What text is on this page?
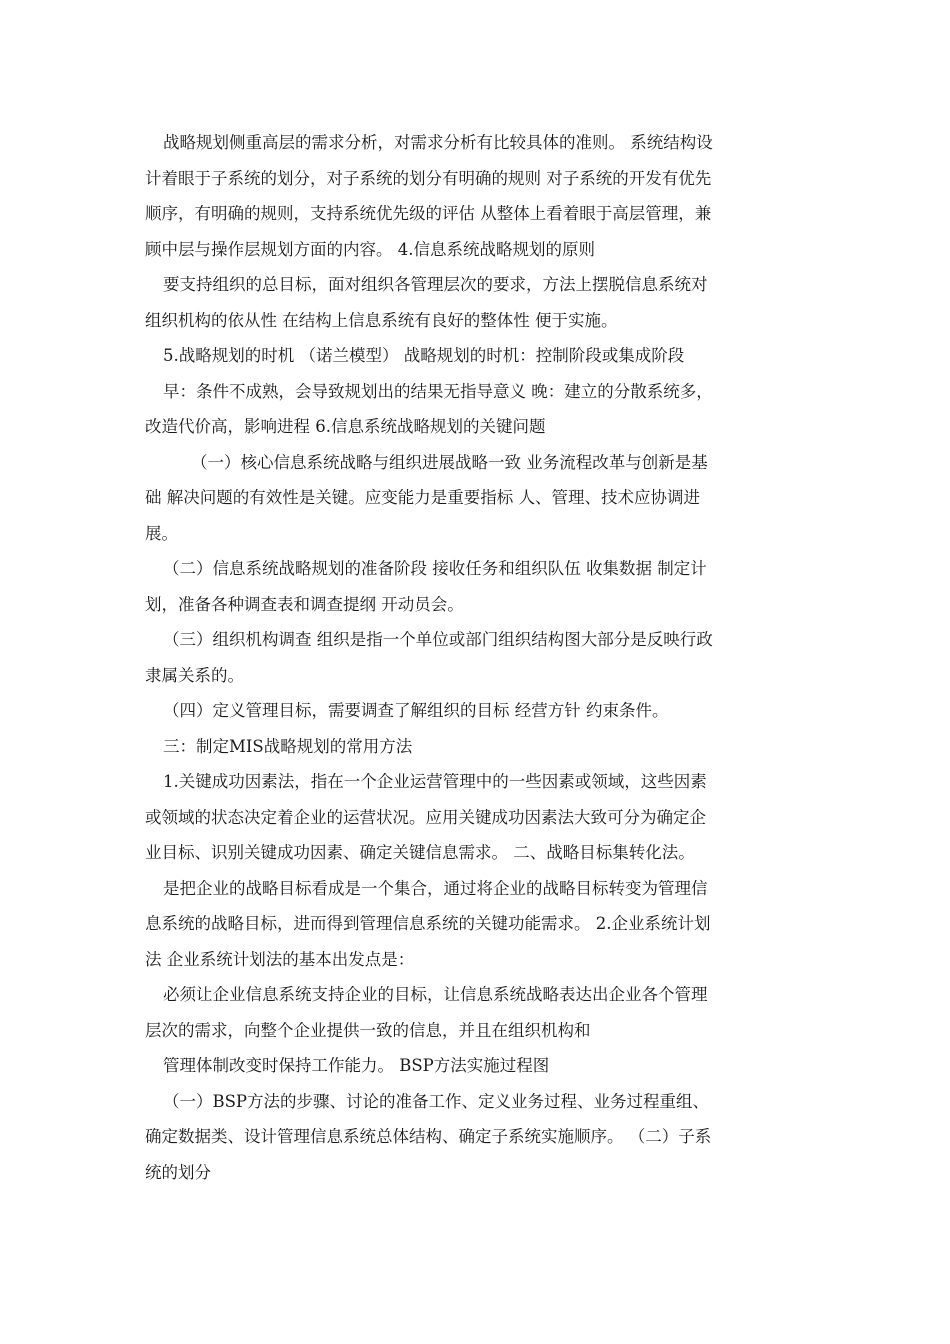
战略规划侧重高层的需求分析，对需求分析有比较具体的准则。 系统结构设
计着眼于子系统的划分，对子系统的划分有明确的规则 对子系统的开发有优先
顺序，有明确的规则，支持系统优先级的评估 从整体上看着眼于高层管理，兼
顾中层与操作层规划方面的内容。 4.信息系统战略规划的原则
要支持组织的总目标，面对组织各管理层次的要求，方法上摆脱信息系统对
组织机构的依从性 在结构上信息系统有良好的整体性 便于实施。
5.战略规划的时机 （诺兰模型） 战略规划的时机：控制阶段或集成阶段
早：条件不成熟，会导致规划出的结果无指导意义 晚：建立的分散系统多，
改造代价高，影响进程 6.信息系统战略规划的关键问题
（一）核心信息系统战略与组织进展战略一致 业务流程改革与创新是基
础 解决问题的有效性是关键。应变能力是重要指标 人、管理、技术应协调进
展。
（二）信息系统战略规划的准备阶段 接收任务和组织队伍 收集数据 制定计
划，准备各种调查表和调查提纲 开动员会。
（三）组织机构调查 组织是指一个单位或部门组织结构图大部分是反映行政
隶属关系的。
（四）定义管理目标，需要调查了解组织的目标 经营方针 约束条件。
三：制定MIS战略规划的常用方法
1.关键成功因素法，指在一个企业运营管理中的一些因素或领域，这些因素
或领域的状态决定着企业的运营状况。应用关键成功因素法大致可分为确定企
业目标、识别关键成功因素、确定关键信息需求。 二、战略目标集转化法。
是把企业的战略目标看成是一个集合，通过将企业的战略目标转变为管理信
息系统的战略目标，进而得到管理信息系统的关键功能需求。 2.企业系统计划
法 企业系统计划法的基本出发点是：
必须让企业信息系统支持企业的目标，让信息系统战略表达出企业各个管理
层次的需求，向整个企业提供一致的信息，并且在组织机构和
管理体制改变时保持工作能力。 BSP方法实施过程图
（一）BSP方法的步骤、讨论的准备工作、定义业务过程、业务过程重组、
确定数据类、设计管理信息系统总体结构、确定子系统实施顺序。 （二）子系
统的划分
